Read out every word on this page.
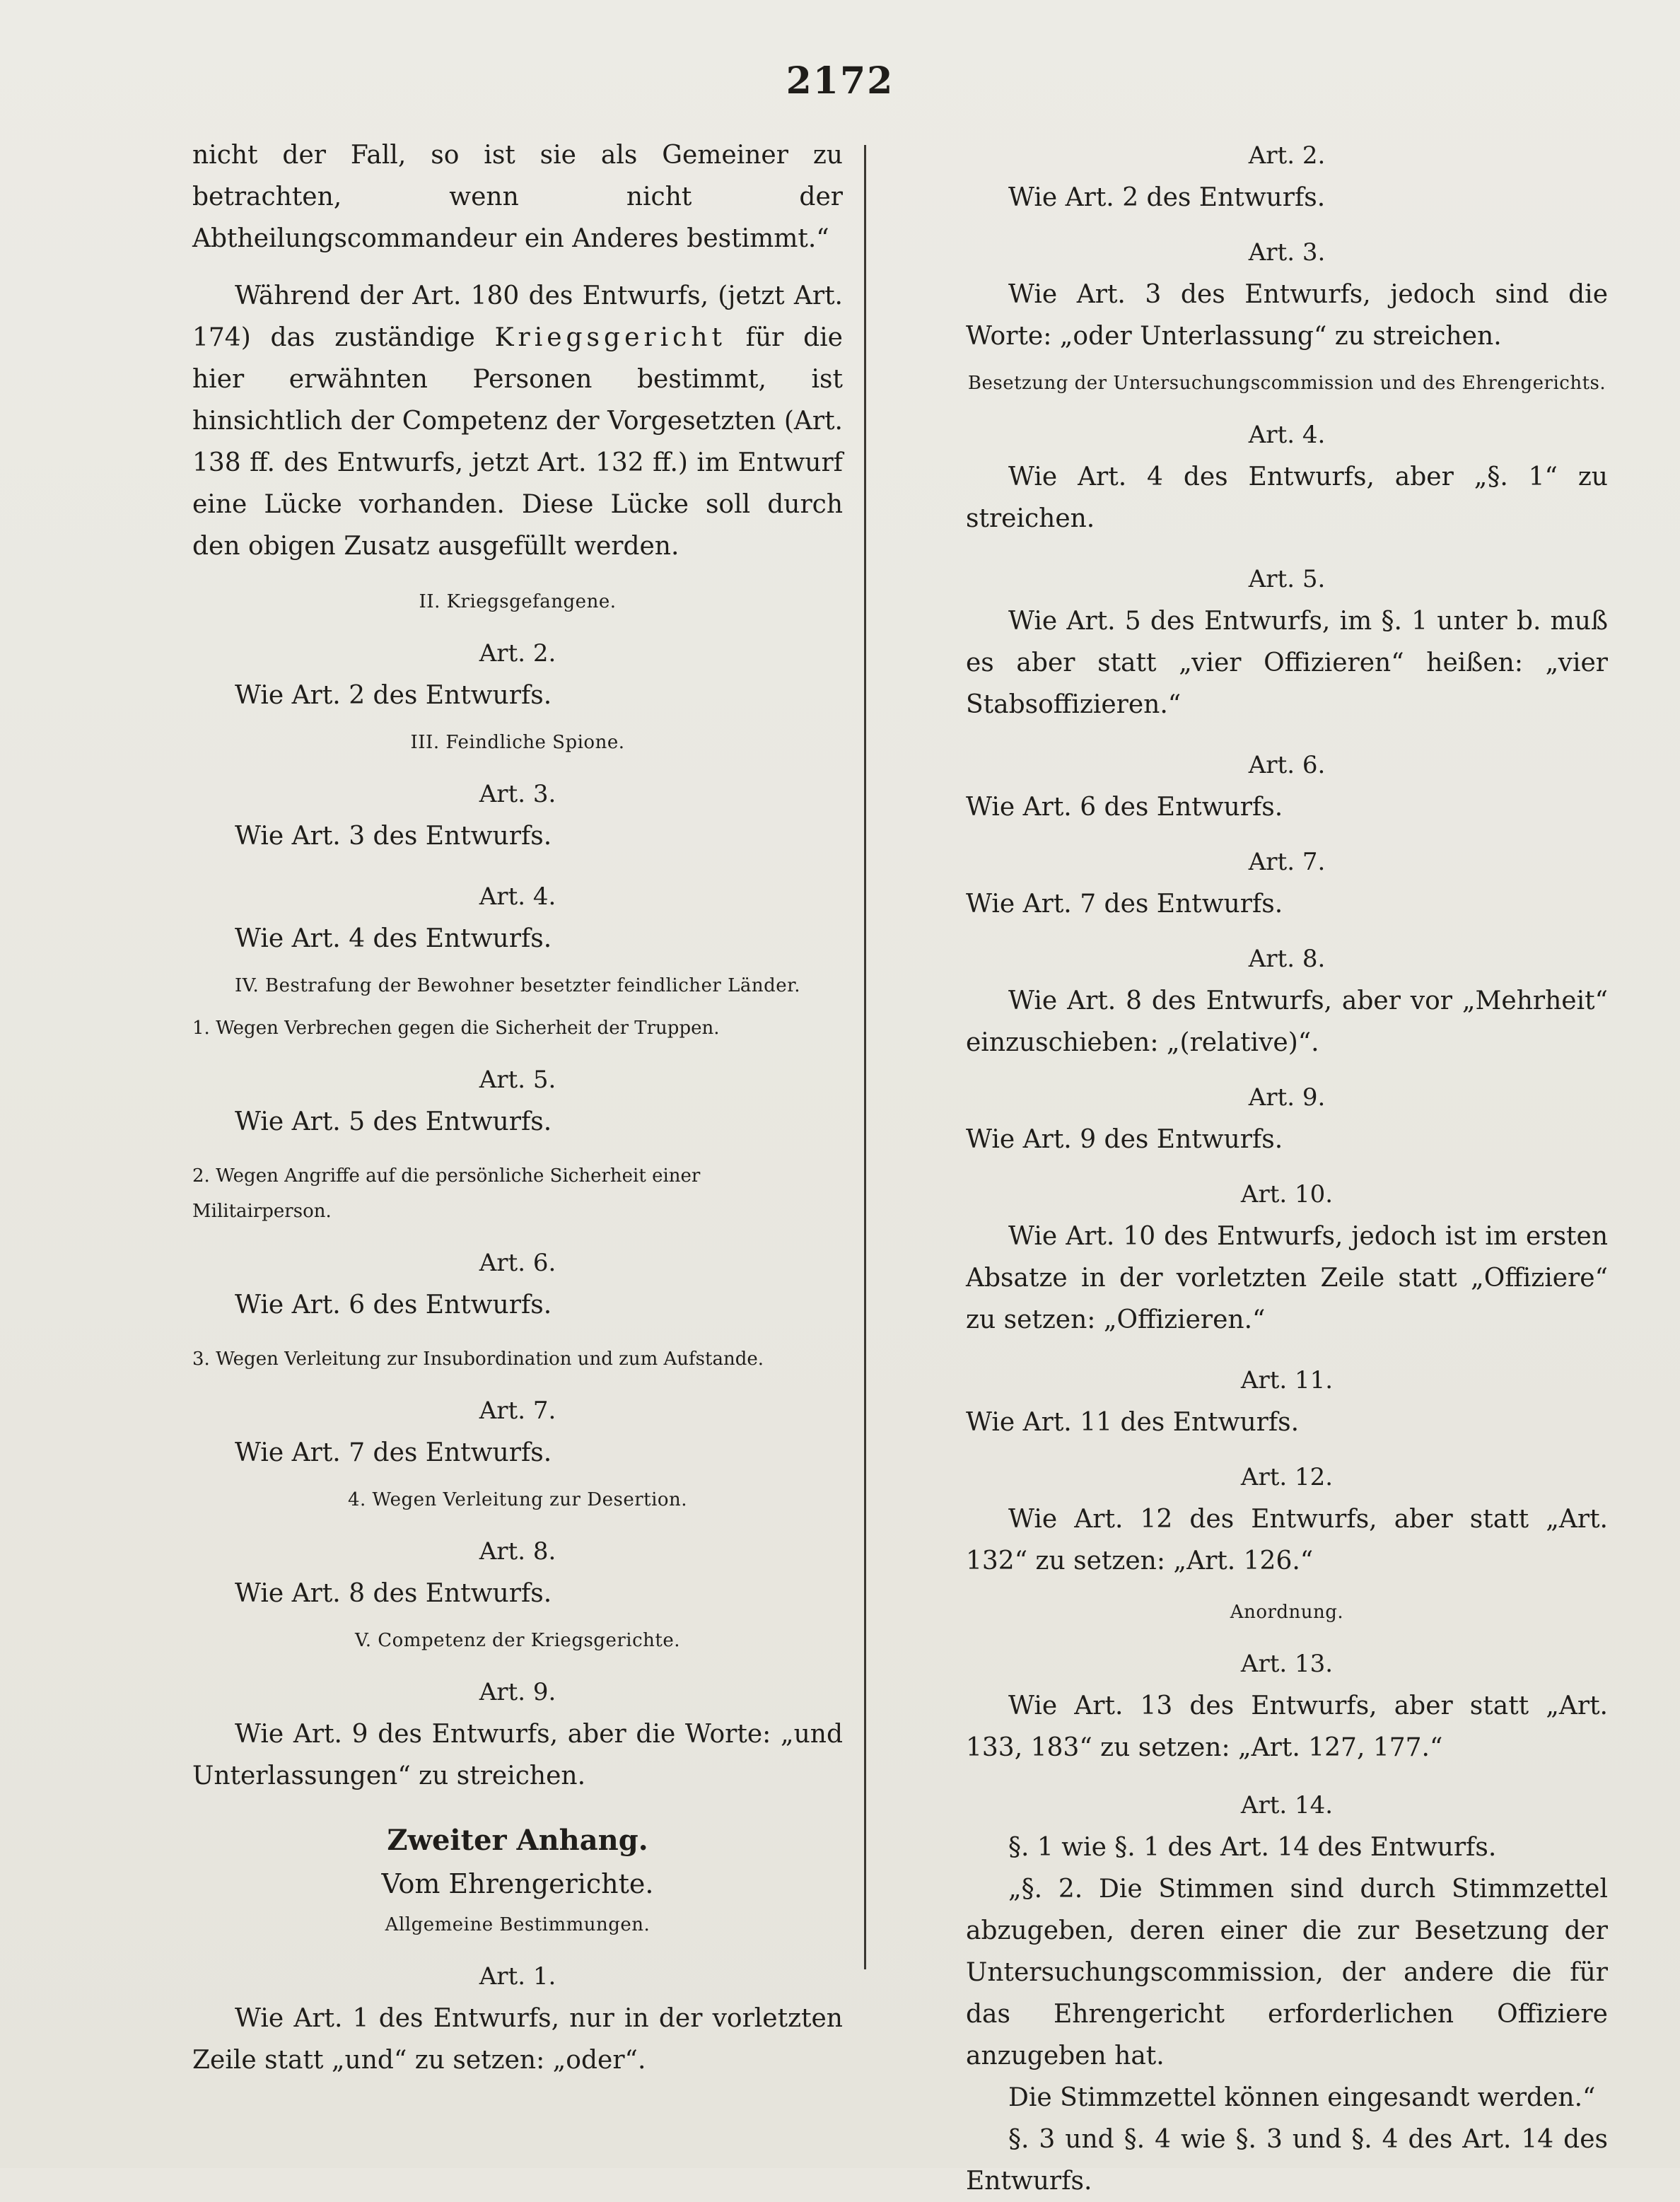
2172

nicht der Fall, so ist sie als Gemeiner zu betrachten, wenn nicht der Abtheilungscommandeur ein Anderes bestimmt.“

Während der Art. 180 des Entwurfs, (jetzt Art. 174) das zuständige Kriegsgericht für die hier erwähnten Personen bestimmt, ist hinsichtlich der Competenz der Vorgesetzten (Art. 138 ff. des Entwurfs, jetzt Art. 132 ff.) im Entwurf eine Lücke vorhanden. Diese Lücke soll durch den obigen Zusatz ausgefüllt werden.

II. Kriegsgefangene.
Art. 2.

Wie Art. 2 des Entwurfs.

III. Feindliche Spione.
Art. 3.

Wie Art. 3 des Entwurfs.

Art. 4.

Wie Art. 4 des Entwurfs.

IV. Bestrafung der Bewohner besetzter feindlicher Länder.
1. Wegen Verbrechen gegen die Sicherheit der Truppen.
Art. 5.

Wie Art. 5 des Entwurfs.

2. Wegen Angriffe auf die persönliche Sicherheit einer Militairperson.
Art. 6.

Wie Art. 6 des Entwurfs.

3. Wegen Verleitung zur Insubordination und zum Aufstande.
Art. 7.

Wie Art. 7 des Entwurfs.

4. Wegen Verleitung zur Desertion.
Art. 8.

Wie Art. 8 des Entwurfs.

V. Competenz der Kriegsgerichte.
Art. 9.

Wie Art. 9 des Entwurfs, aber die Worte: „und Unterlassungen“ zu streichen.

Zweiter Anhang.
Vom Ehrengerichte.
Allgemeine Bestimmungen.
Art. 1.

Wie Art. 1 des Entwurfs, nur in der vorletzten Zeile statt „und“ zu setzen: „oder“.

Art. 2.

Wie Art. 2 des Entwurfs.

Art. 3.

Wie Art. 3 des Entwurfs, jedoch sind die Worte: „oder Unterlassung“ zu streichen.

Besetzung der Untersuchungscommission und des Ehrengerichts.
Art. 4.

Wie Art. 4 des Entwurfs, aber „§. 1“ zu streichen.

Art. 5.

Wie Art. 5 des Entwurfs, im §. 1 unter b. muß es aber statt „vier Offizieren“ heißen: „vier Stabsoffizieren.“

Art. 6.

Wie Art. 6 des Entwurfs.

Art. 7.

Wie Art. 7 des Entwurfs.

Art. 8.

Wie Art. 8 des Entwurfs, aber vor „Mehrheit“ einzuschieben: „(relative)“.

Art. 9.

Wie Art. 9 des Entwurfs.

Art. 10.

Wie Art. 10 des Entwurfs, jedoch ist im ersten Absatze in der vorletzten Zeile statt „Offiziere“ zu setzen: „Offizieren.“

Art. 11.

Wie Art. 11 des Entwurfs.

Art. 12.

Wie Art. 12 des Entwurfs, aber statt „Art. 132“ zu setzen: „Art. 126.“

Anordnung.
Art. 13.

Wie Art. 13 des Entwurfs, aber statt „Art. 133, 183“ zu setzen: „Art. 127, 177.“

Art. 14.

§. 1 wie §. 1 des Art. 14 des Entwurfs.

„§. 2. Die Stimmen sind durch Stimmzettel abzugeben, deren einer die zur Besetzung der Untersuchungscommission, der andere die für das Ehrengericht erforderlichen Offiziere anzugeben hat.

Die Stimmzettel können eingesandt werden.“

§. 3 und §. 4 wie §. 3 und §. 4 des Art. 14 des Entwurfs.
